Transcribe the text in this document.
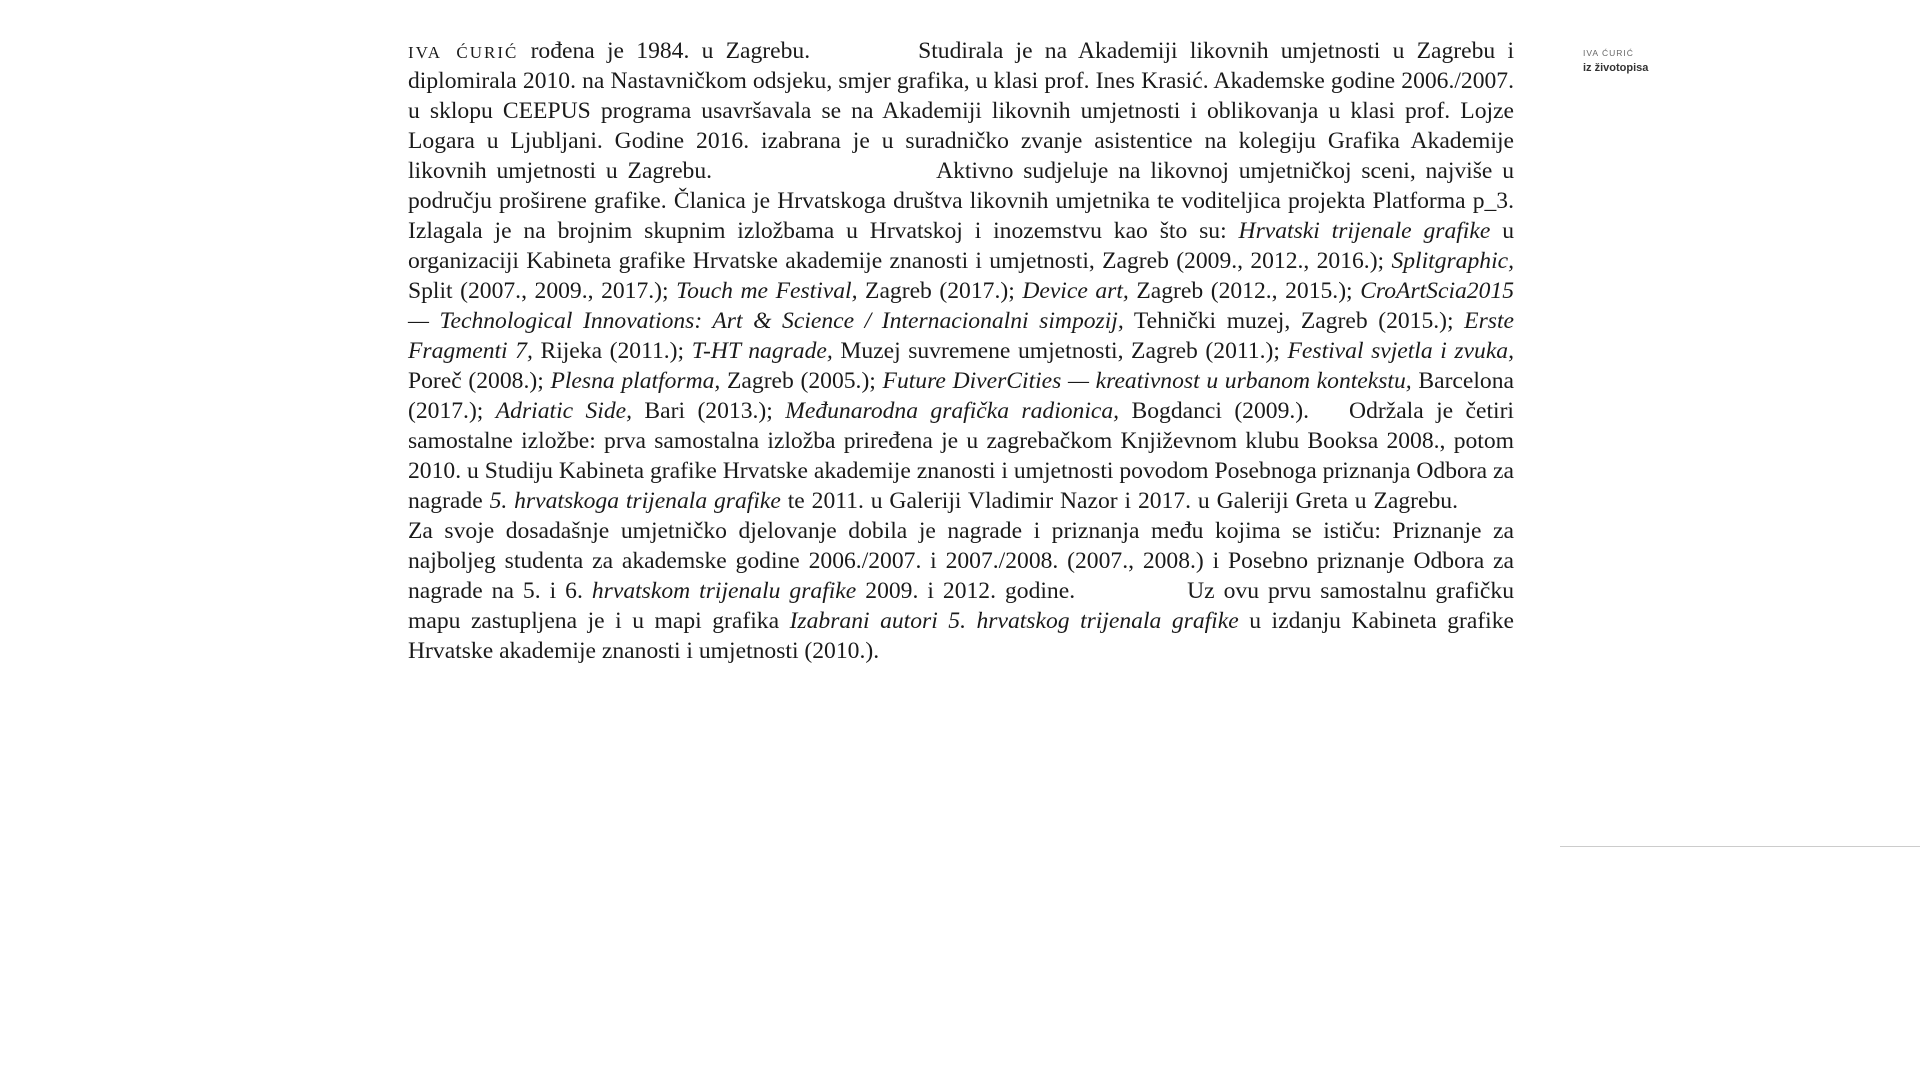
IVA ĆURIĆ
iz životopisa

iva ćurić rođena je 1984. u Zagrebu.	Studirala je na Akademiji likovnih umjetnosti u Zagrebu i diplomirala 2010. na Nastavničkom odsjeku, smjer grafika, u klasi prof. Ines Krasić. Akademske godine 2006./2007. u sklopu CEEPUS programa usavršavala se na Akademiji likovnih umjetnosti i oblikovanja u klasi prof. Lojze Logara u Ljubljani. Godine 2016. izabrana je u suradničko zvanje asistentice na kolegiju Grafika Akademije likovnih umjetnosti u Zagrebu.	Aktivno sudjeluje na likovnoj umjetničkoj sceni, najviše u području proširene grafike. Članica je Hrvatskoga društva likovnih umjetnika te voditeljica projekta Platforma p_3. Izlagala je na brojnim skupnim izložbama u Hrvatskoj i inozemstvu kao što su: Hrvatski trijenale grafike u organizaciji Kabineta grafike Hrvatske akademije znanosti i umjetnosti, Zagreb (2009., 2012., 2016.); Splitgraphic, Split (2007., 2009., 2017.); Touch me Festival, Zagreb (2017.); Device art, Zagreb (2012., 2015.); CroArtScia2015 — Technological Innovations: Art & Science / Internacionalni simpozij, Tehnički muzej, Zagreb (2015.); Erste Fragmenti 7, Rijeka (2011.); T-HT nagrade, Muzej suvremene umjetnosti, Zagreb (2011.); Festival svjetla i zvuka, Poreč (2008.); Plesna platforma, Zagreb (2005.); Future DiverCities — kreativnost u urbanom kontekstu, Barcelona (2017.); Adriatic Side, Bari (2013.); Međunarodna grafička radionica, Bogdanci (2009.). Održala je četiri samostalne izložbe: prva samostalna izložba priređena je u zagrebačkom Književnom klubu Booksa 2008., potom 2010. u Studiju Kabineta grafike Hrvatske akademije znanosti i umjetnosti povodom Posebnoga priznanja Odbora za nagrade 5. hrvatskoga trijenala grafike te 2011. u Galeriji Vladimir Nazor i 2017. u Galeriji Greta u Zagrebu.Za svoje dosadašnje umjetničko djelovanje dobila je nagrade i priznanja među kojima se ističu: Priznanje za najboljeg studenta za akademske godine 2006./2007. i 2007./2008. (2007., 2008.) i Posebno priznanje Odbora za nagrade na 5. i 6. hrvatskom trijenalu grafike 2009. i 2012. godine.	Uz ovu prvu samostalnu grafičku mapu zastupljena je i u mapi grafika Izabrani autori 5. hrvatskog trijenala grafike u izdanju Kabineta grafike Hrvatske akademije znanosti i umjetnosti (2010.).
